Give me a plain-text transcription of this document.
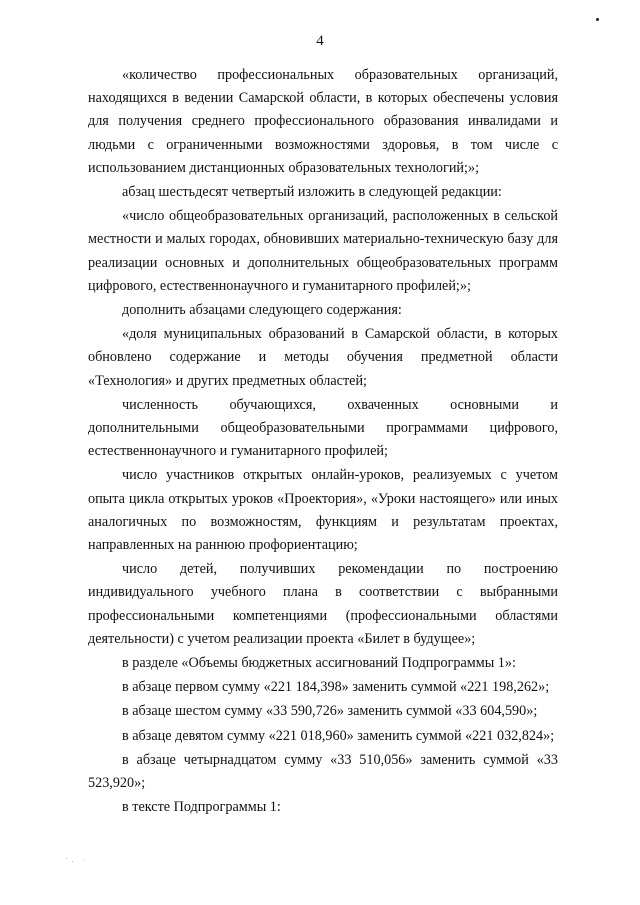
4

«количество профессиональных образовательных организаций, находящихся в ведении Самарской области, в которых обеспечены условия для получения среднего профессионального образования инвалидами и людьми с ограниченными возможностями здоровья, в том числе с использованием дистанционных образовательных технологий;»;

абзац шестьдесят четвертый изложить в следующей редакции:

«число общеобразовательных организаций, расположенных в сельской местности и малых городах, обновивших материально-техническую базу для реализации основных и дополнительных общеобразовательных программ цифрового, естественнонаучного и гуманитарного профилей;»;

дополнить абзацами следующего содержания:

«доля муниципальных образований в Самарской области, в которых обновлено содержание и методы обучения предметной области «Технология» и других предметных областей;

численность обучающихся, охваченных основными и дополнительными общеобразовательными программами цифрового, естественнонаучного и гуманитарного профилей;

число участников открытых онлайн-уроков, реализуемых с учетом опыта цикла открытых уроков «Проектория», «Уроки настоящего» или иных аналогичных по возможностям, функциям и результатам проектах, направленных на раннюю профориентацию;

число детей, получивших рекомендации по построению индивидуального учебного плана в соответствии с выбранными профессиональными компетенциями (профессиональными областями деятельности) с учетом реализации проекта «Билет в будущее»;

в разделе «Объемы бюджетных ассигнований Подпрограммы 1»:

в абзаце первом сумму «221 184,398» заменить суммой «221 198,262»;

в абзаце шестом сумму «33 590,726» заменить суммой «33 604,590»;

в абзаце девятом сумму «221 018,960» заменить суммой «221 032,824»;

в абзаце четырнадцатом сумму «33 510,056» заменить суммой «33 523,920»;

в тексте Подпрограммы 1:
